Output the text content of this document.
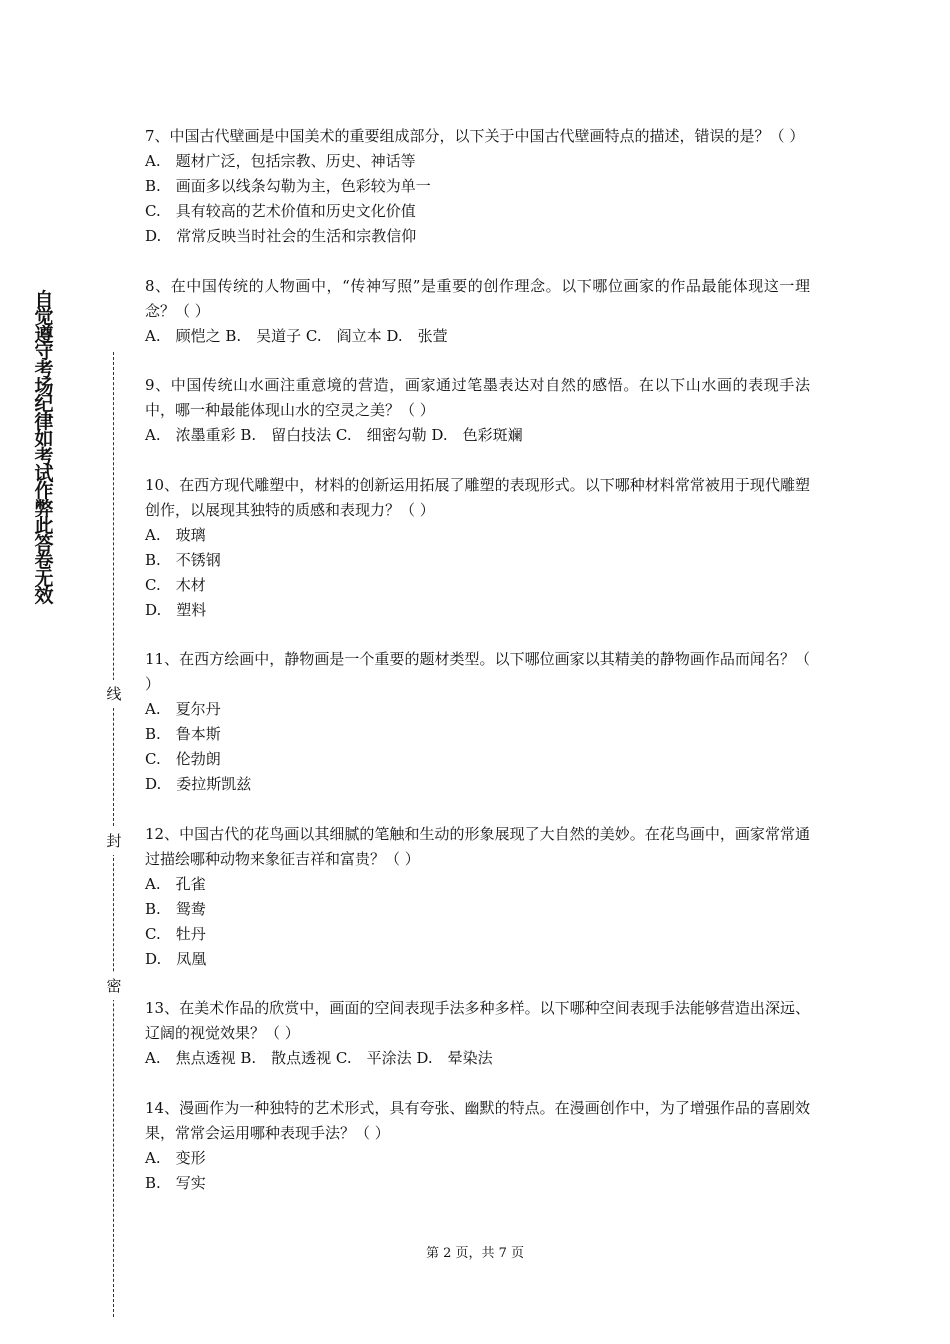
自
觉
遵
守
考
场
纪
律
如
考
试
作
弊
此
答
卷
无
效
线
封
密
7、中国古代壁画是中国美术的重要组成部分，以下关于中国古代壁画特点的描述，错误的是？（ ）
A.　题材广泛，包括宗教、历史、神话等
B.　画面多以线条勾勒为主，色彩较为单一
C.　具有较高的艺术价值和历史文化价值
D.　常常反映当时社会的生活和宗教信仰
8、在中国传统的人物画中，“传神写照”是重要的创作理念。以下哪位画家的作品最能体现这一理念？（ ）
A.　顾恺之 B.　吴道子 C.　阎立本 D.　张萱
9、中国传统山水画注重意境的营造，画家通过笔墨表达对自然的感悟。在以下山水画的表现手法中，哪一种最能体现山水的空灵之美？（ ）
A.　浓墨重彩 B.　留白技法 C.　细密勾勒 D.　色彩斑斓
10、在西方现代雕塑中，材料的创新运用拓展了雕塑的表现形式。以下哪种材料常常被用于现代雕塑创作，以展现其独特的质感和表现力？（ ）
A.　玻璃
B.　不锈钢
C.　木材
D.　塑料
11、在西方绘画中，静物画是一个重要的题材类型。以下哪位画家以其精美的静物画作品而闻名？（ ）
A.　夏尔丹
B.　鲁本斯
C.　伦勃朗
D.　委拉斯凯兹
12、中国古代的花鸟画以其细腻的笔触和生动的形象展现了大自然的美妙。在花鸟画中，画家常常通过描绘哪种动物来象征吉祥和富贵？（ ）
A.　孔雀
B.　鸳鸯
C.　牡丹
D.　凤凰
13、在美术作品的欣赏中，画面的空间表现手法多种多样。以下哪种空间表现手法能够营造出深远、辽阔的视觉效果？（ ）
A.　焦点透视 B.　散点透视 C.　平涂法 D.　晕染法
14、漫画作为一种独特的艺术形式，具有夸张、幽默的特点。在漫画创作中，为了增强作品的喜剧效果，常常会运用哪种表现手法？（ ）
A.　变形
B.　写实
第 2 页，共 7 页
